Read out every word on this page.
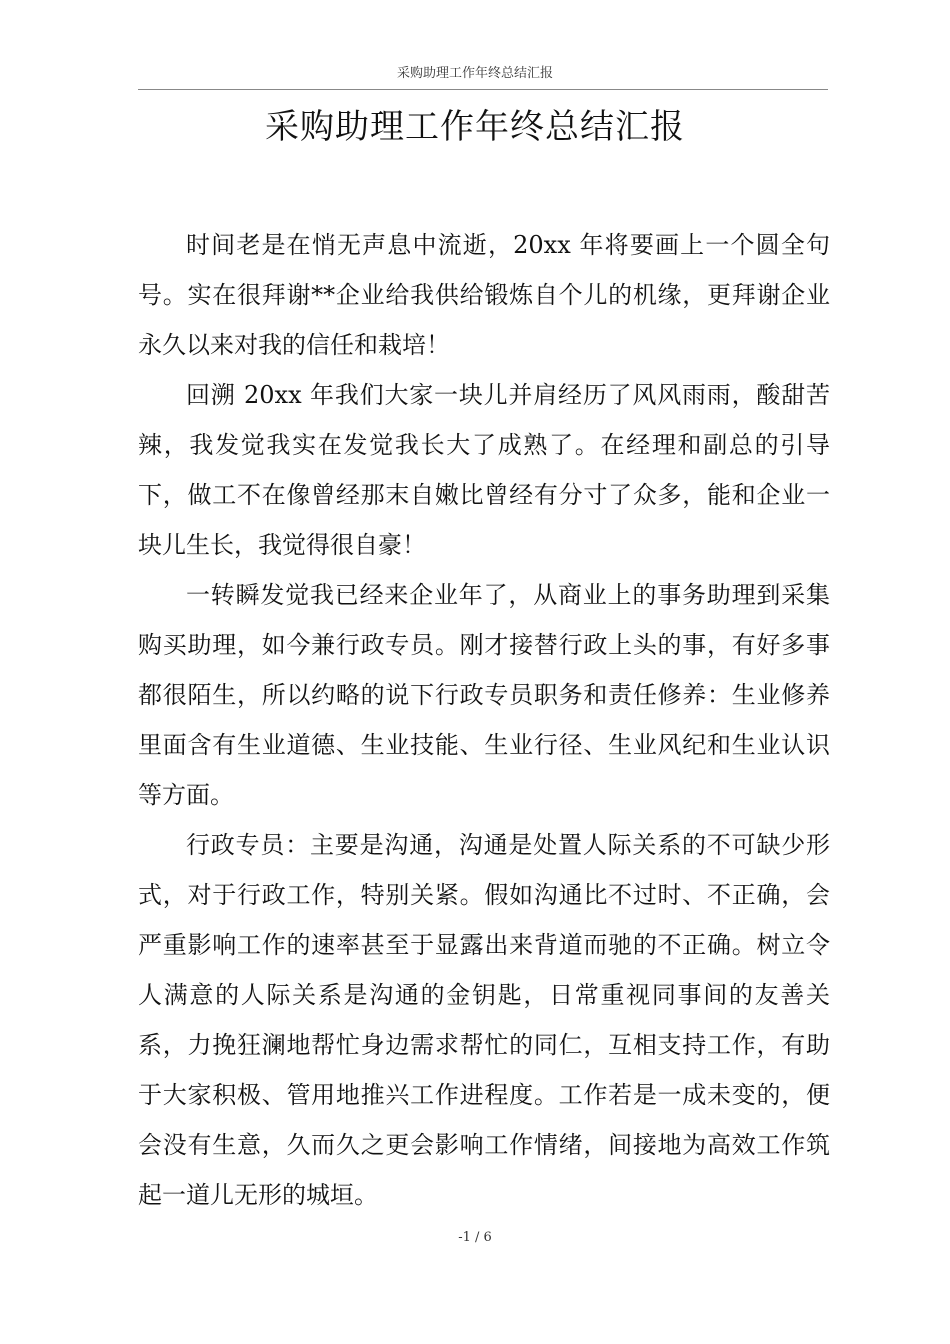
采购助理工作年终总结汇报
采购助理工作年终总结汇报

时间老是在悄无声息中流逝，20xx 年将要画上一个圆全句号。实在很拜谢**企业给我供给锻炼自个儿的机缘，更拜谢企业永久以来对我的信任和栽培！

回溯 20xx 年我们大家一块儿并肩经历了风风雨雨，酸甜苦辣，我发觉我实在发觉我长大了成熟了。在经理和副总的引导下，做工不在像曾经那末自嫩比曾经有分寸了众多，能和企业一块儿生长，我觉得很自豪！

一转瞬发觉我已经来企业年了，从商业上的事务助理到采集购买助理，如今兼行政专员。刚才接替行政上头的事，有好多事都很陌生，所以约略的说下行政专员职务和责任修养：生业修养里面含有生业道德、生业技能、生业行径、生业风纪和生业认识等方面。

行政专员：主要是沟通，沟通是处置人际关系的不可缺少形式，对于行政工作，特别关紧。假如沟通比不过时、不正确，会严重影响工作的速率甚至于显露出来背道而驰的不正确。树立令人满意的人际关系是沟通的金钥匙，日常重视同事间的友善关系，力挽狂澜地帮忙身边需求帮忙的同仁，互相支持工作，有助于大家积极、管用地推兴工作进程度。工作若是一成未变的，便会没有生意，久而久之更会影响工作情绪，间接地为高效工作筑起一道儿无形的城垣。

-1 / 6
